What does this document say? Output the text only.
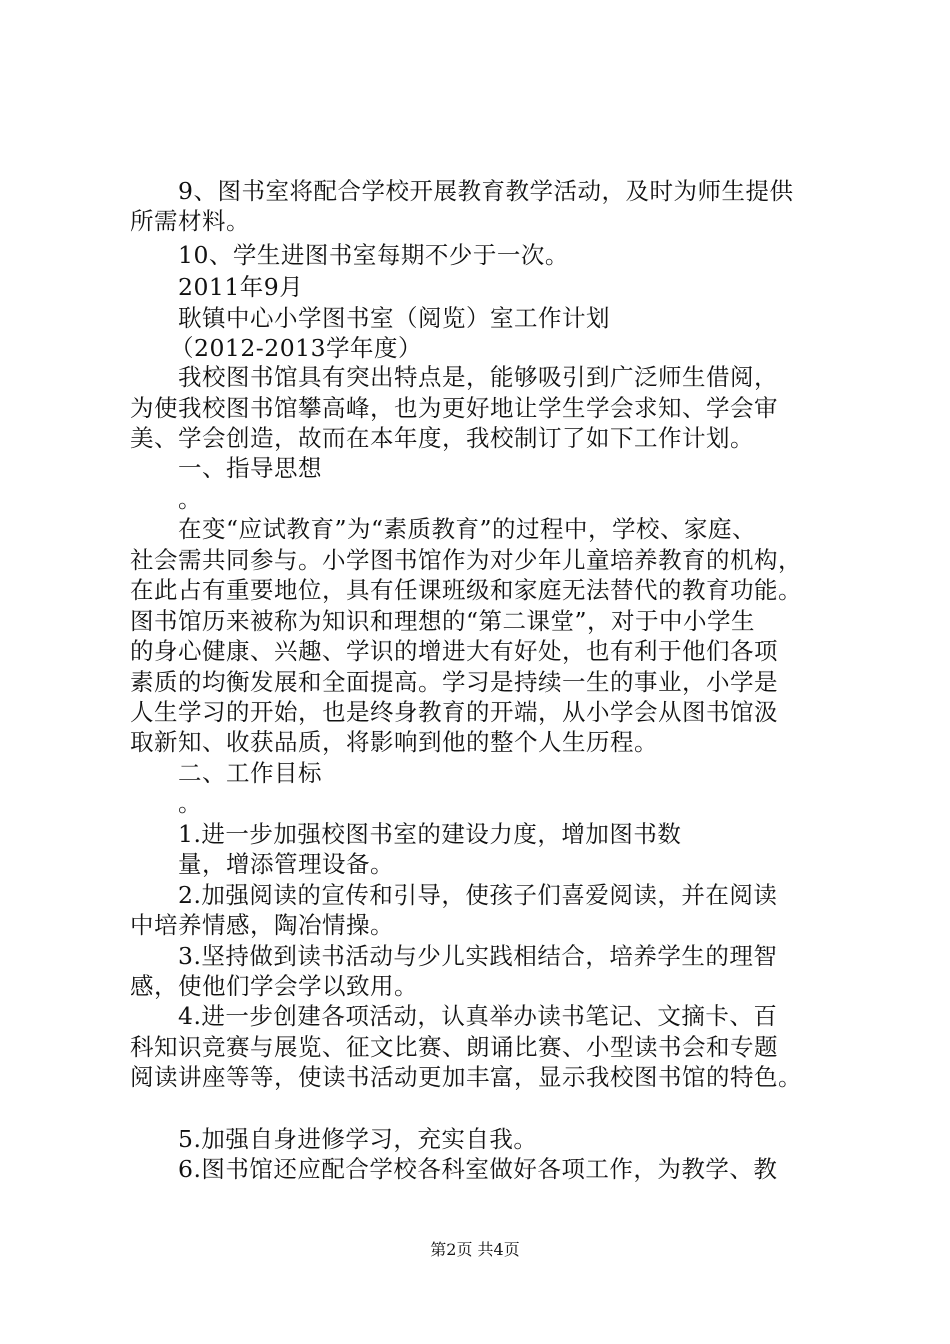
9、图书室将配合学校开展教育教学活动，及时为师生提供
所需材料。
10、学生进图书室每期不少于一次。
2011年9月
耿镇中心小学图书室（阅览）室工作计划
（2012-2013学年度）
我校图书馆具有突出特点是，能够吸引到广泛师生借阅，
为使我校图书馆攀高峰，也为更好地让学生学会求知、学会审
美、学会创造，故而在本年度，我校制订了如下工作计划。
一、指导思想
。
在变“应试教育”为“素质教育”的过程中，学校、家庭、
社会需共同参与。小学图书馆作为对少年儿童培养教育的机构，
在此占有重要地位，具有任课班级和家庭无法替代的教育功能。
图书馆历来被称为知识和理想的“第二课堂”，对于中小学生
的身心健康、兴趣、学识的增进大有好处，也有利于他们各项
素质的均衡发展和全面提高。学习是持续一生的事业，小学是
人生学习的开始，也是终身教育的开端，从小学会从图书馆汲
取新知、收获品质，将影响到他的整个人生历程。
二、工作目标
。
1.进一步加强校图书室的建设力度，增加图书数
量，增添管理设备。
2.加强阅读的宣传和引导，使孩子们喜爱阅读，并在阅读
中培养情感，陶冶情操。
3.坚持做到读书活动与少儿实践相结合，培养学生的理智
感，使他们学会学以致用。
4.进一步创建各项活动，认真举办读书笔记、文摘卡、百
科知识竞赛与展览、征文比赛、朗诵比赛、小型读书会和专题
阅读讲座等等，使读书活动更加丰富，显示我校图书馆的特色。
5.加强自身进修学习，充实自我。
6.图书馆还应配合学校各科室做好各项工作，为教学、教
第2页 共4页
